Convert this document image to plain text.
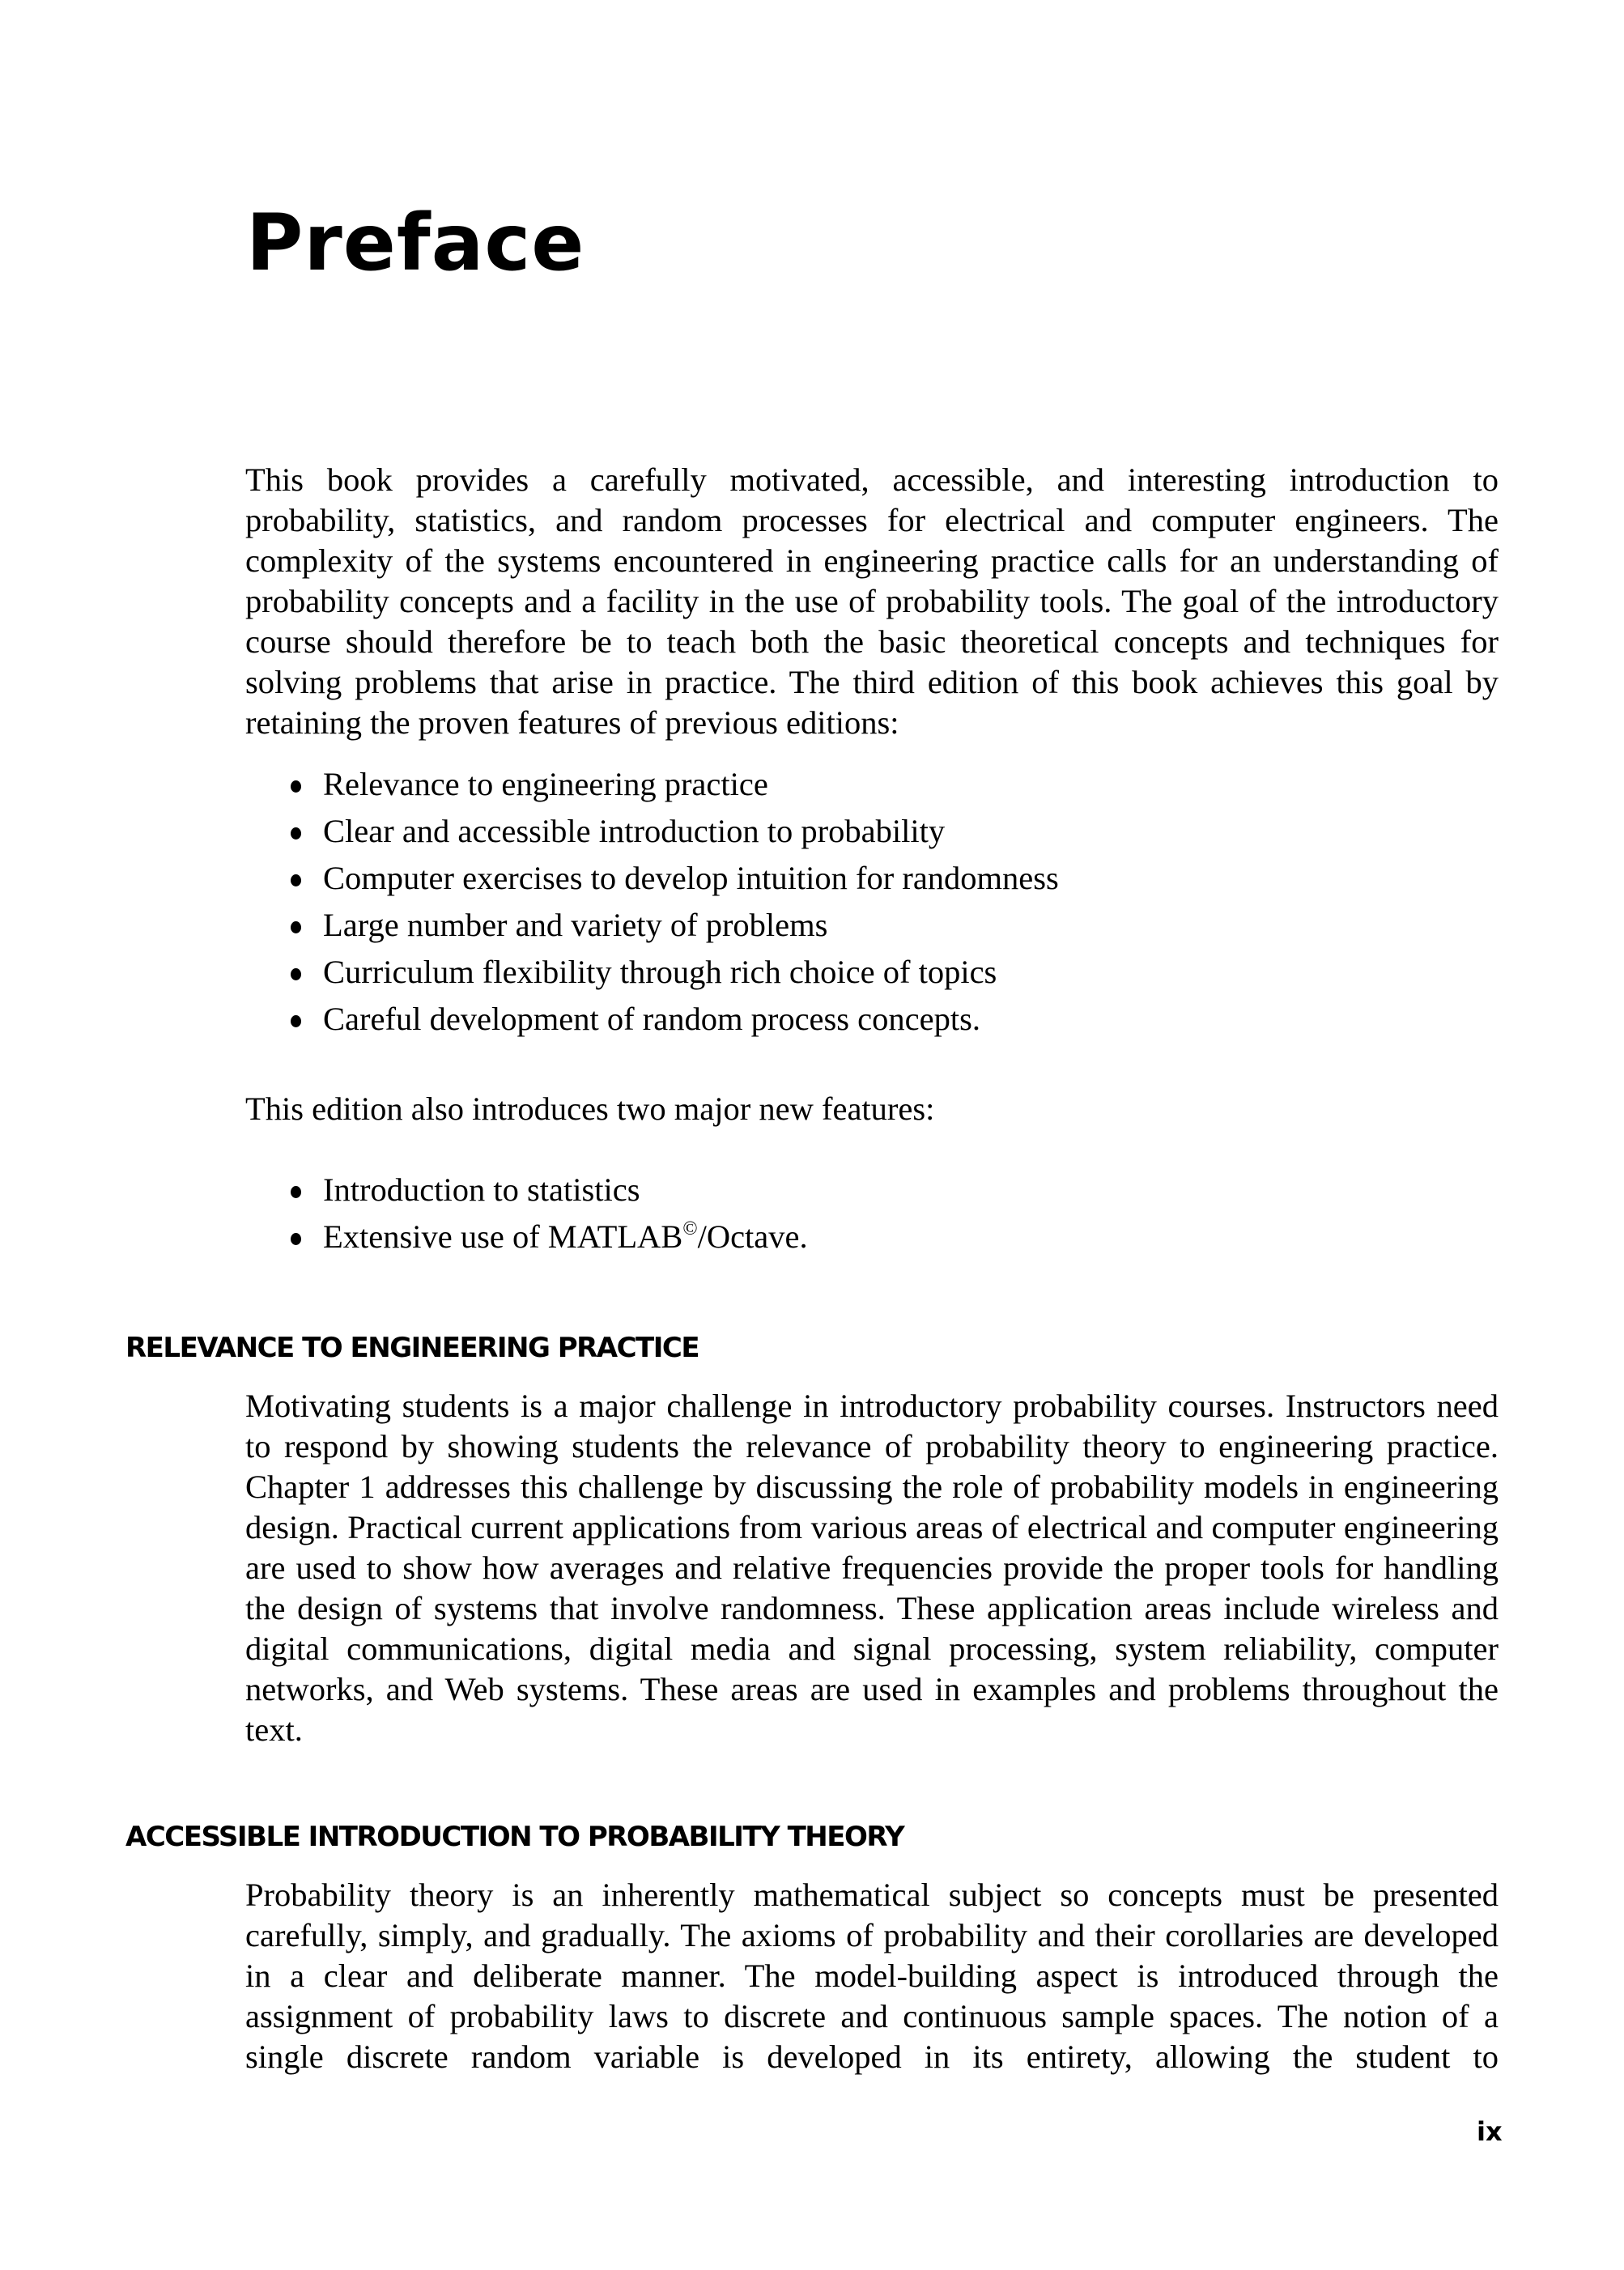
Preface

This book provides a carefully motivated, accessible, and interesting introduction to probability, statistics, and random processes for electrical and computer engineers. The complexity of the systems encountered in engineering practice calls for an understanding of probability concepts and a facility in the use of probability tools. The goal of the introductory course should therefore be to teach both the basic theoretical concepts and techniques for solving problems that arise in practice. The third edition of this book achieves this goal by retaining the proven features of previous editions:

Relevance to engineering practice
Clear and accessible introduction to probability
Computer exercises to develop intuition for randomness
Large number and variety of problems
Curriculum flexibility through rich choice of topics
Careful development of random process concepts.

This edition also introduces two major new features:

Introduction to statistics
Extensive use of MATLAB©/Octave.
RELEVANCE TO ENGINEERING PRACTICE

Motivating students is a major challenge in introductory probability courses. Instructors need to respond by showing students the relevance of probability theory to engineering practice. Chapter 1 addresses this challenge by discussing the role of probability models in engineering design. Practical current applications from various areas of electrical and computer engineering are used to show how averages and relative frequencies provide the proper tools for handling the design of systems that involve randomness. These application areas include wireless and digital communications, digital media and signal processing, system reliability, computer networks, and Web systems. These areas are used in examples and problems throughout the text.

ACCESSIBLE INTRODUCTION TO PROBABILITY THEORY

Probability theory is an inherently mathematical subject so concepts must be presented carefully, simply, and gradually. The axioms of probability and their corollaries are developed in a clear and deliberate manner. The model-building aspect is introduced through the assignment of probability laws to discrete and continuous sample spaces. The notion of a single discrete random variable is developed in its entirety, allowing the student to

ix
